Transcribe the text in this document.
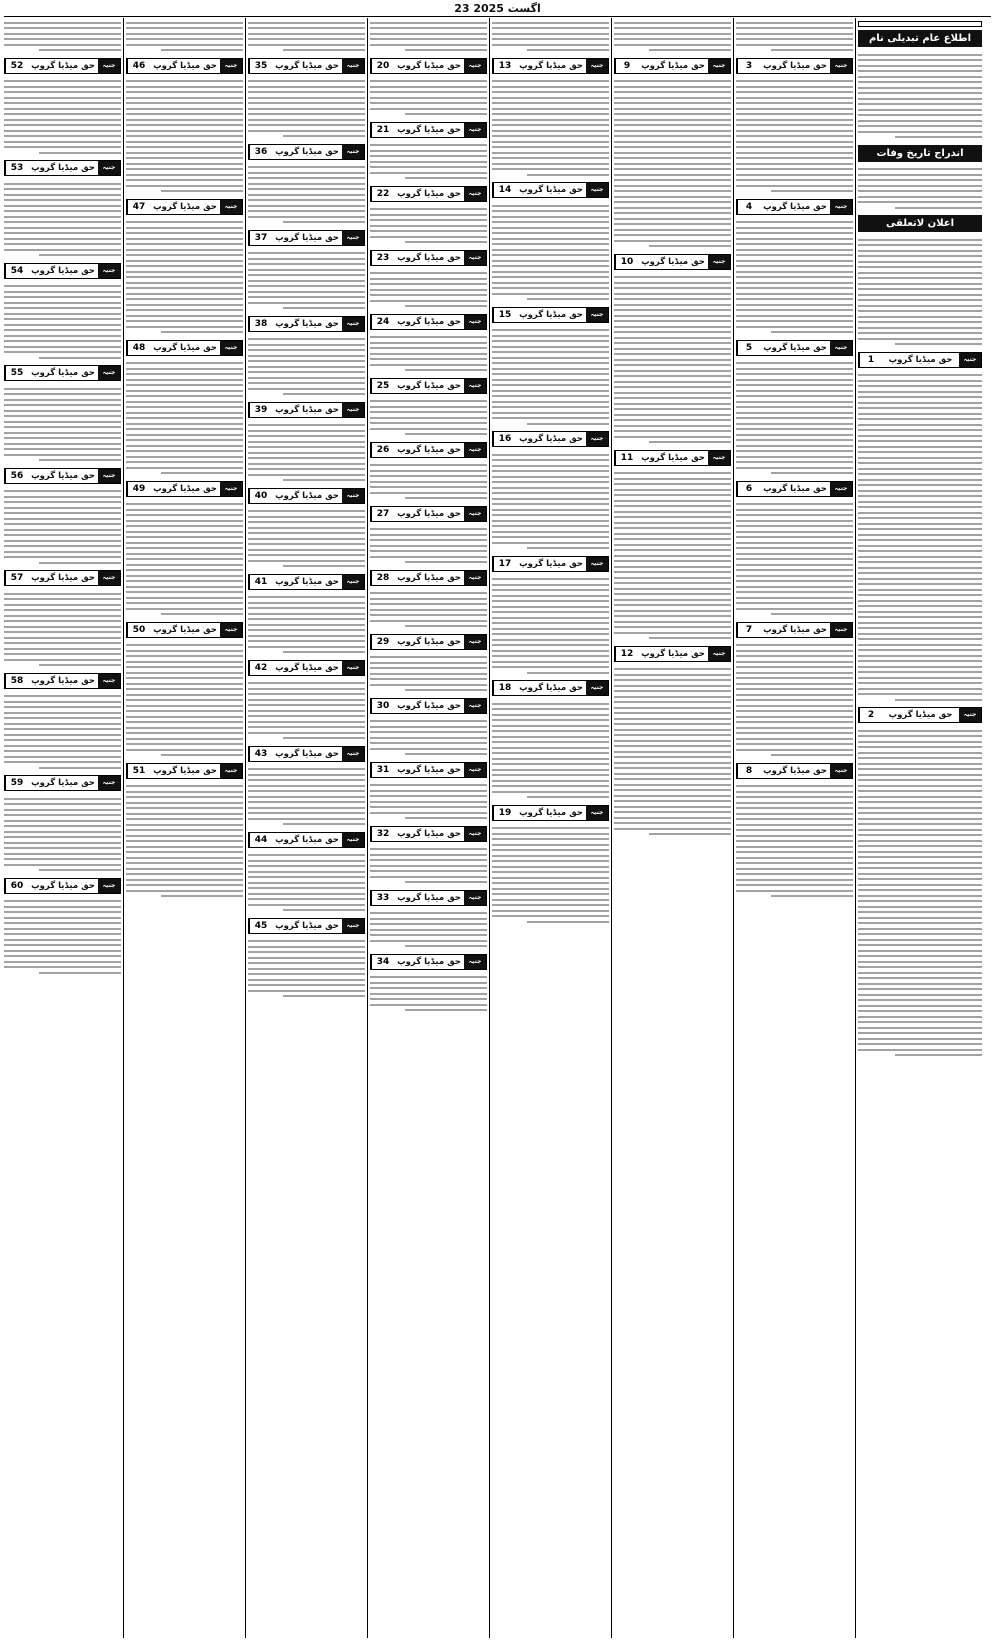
23 اگست 2025
جنیہ
حق میڈیا گروپ
52
جنیہ
حق میڈیا گروپ
53
جنیہ
حق میڈیا گروپ
54
جنیہ
حق میڈیا گروپ
55
جنیہ
حق میڈیا گروپ
56
جنیہ
حق میڈیا گروپ
57
جنیہ
حق میڈیا گروپ
58
جنیہ
حق میڈیا گروپ
59
جنیہ
حق میڈیا گروپ
60
جنیہ
حق میڈیا گروپ
46
جنیہ
حق میڈیا گروپ
47
جنیہ
حق میڈیا گروپ
48
جنیہ
حق میڈیا گروپ
49
جنیہ
حق میڈیا گروپ
50
جنیہ
حق میڈیا گروپ
51
جنیہ
حق میڈیا گروپ
35
جنیہ
حق میڈیا گروپ
36
جنیہ
حق میڈیا گروپ
37
جنیہ
حق میڈیا گروپ
38
جنیہ
حق میڈیا گروپ
39
جنیہ
حق میڈیا گروپ
40
جنیہ
حق میڈیا گروپ
41
جنیہ
حق میڈیا گروپ
42
جنیہ
حق میڈیا گروپ
43
جنیہ
حق میڈیا گروپ
44
جنیہ
حق میڈیا گروپ
45
جنیہ
حق میڈیا گروپ
20
جنیہ
حق میڈیا گروپ
21
جنیہ
حق میڈیا گروپ
22
جنیہ
حق میڈیا گروپ
23
جنیہ
حق میڈیا گروپ
24
جنیہ
حق میڈیا گروپ
25
جنیہ
حق میڈیا گروپ
26
جنیہ
حق میڈیا گروپ
27
جنیہ
حق میڈیا گروپ
28
جنیہ
حق میڈیا گروپ
29
جنیہ
حق میڈیا گروپ
30
جنیہ
حق میڈیا گروپ
31
جنیہ
حق میڈیا گروپ
32
جنیہ
حق میڈیا گروپ
33
جنیہ
حق میڈیا گروپ
34
جنیہ
حق میڈیا گروپ
13
جنیہ
حق میڈیا گروپ
14
جنیہ
حق میڈیا گروپ
15
جنیہ
حق میڈیا گروپ
16
جنیہ
حق میڈیا گروپ
17
جنیہ
حق میڈیا گروپ
18
جنیہ
حق میڈیا گروپ
19
جنیہ
حق میڈیا گروپ
9
جنیہ
حق میڈیا گروپ
10
جنیہ
حق میڈیا گروپ
11
جنیہ
حق میڈیا گروپ
12
جنیہ
حق میڈیا گروپ
3
جنیہ
حق میڈیا گروپ
4
جنیہ
حق میڈیا گروپ
5
جنیہ
حق میڈیا گروپ
6
جنیہ
حق میڈیا گروپ
7
جنیہ
حق میڈیا گروپ
8
اطلاع عام تبدیلی نام
اندراج تاریخ وفات
اعلان لاتعلقی
جنیہ
حق میڈیا گروپ
1
جنیہ
حق میڈیا گروپ
2
